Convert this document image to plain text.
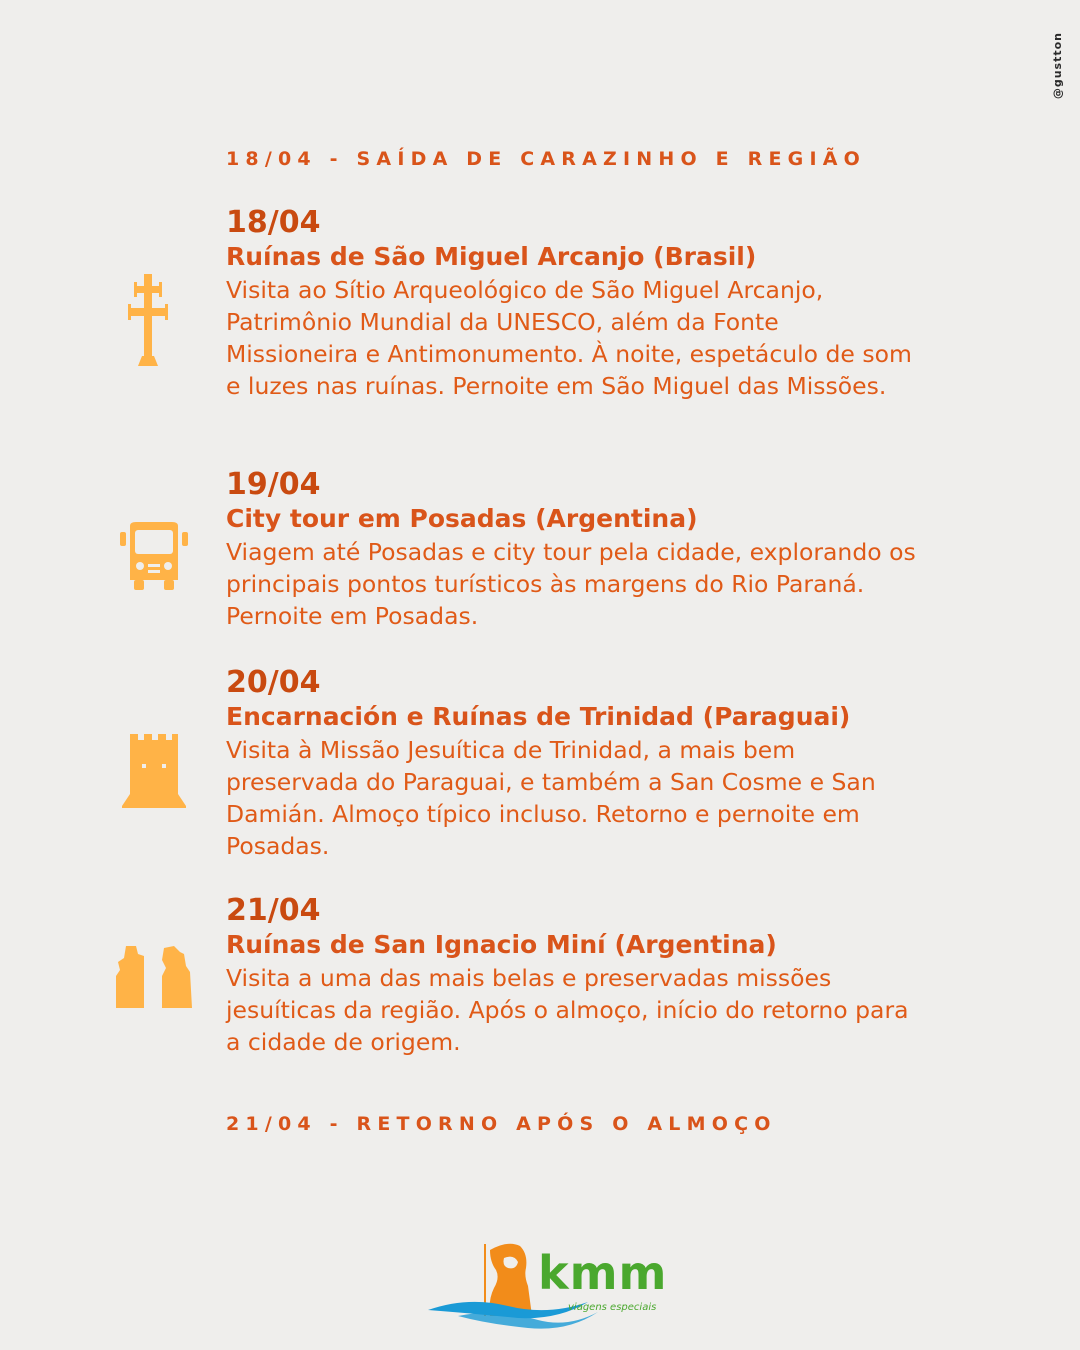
@gustton
18/04 - SAÍDA DE CARAZINHO E REGIÃO
18/04
Ruínas de São Miguel Arcanjo (Brasil)
Visita ao Sítio Arqueológico de São Miguel Arcanjo, Patrimônio Mundial da UNESCO, além da Fonte Missioneira e Antimonumento. À noite, espetáculo de som e luzes nas ruínas. Pernoite em São Miguel das Missões.
19/04
City tour em Posadas (Argentina)
Viagem até Posadas e city tour pela cidade, explorando os principais pontos turísticos às margens do Rio Paraná. Pernoite em Posadas.
20/04
Encarnación e Ruínas de Trinidad (Paraguai)
Visita à Missão Jesuítica de Trinidad, a mais bem preservada do Paraguai, e também a San Cosme e San Damián. Almoço típico incluso. Retorno e pernoite em Posadas.
21/04
Ruínas de San Ignacio Miní (Argentina)
Visita a uma das mais belas e preservadas missões jesuíticas da região. Após o almoço, início do retorno para a cidade de origem.
21/04 - RETORNO APÓS O ALMOÇO
kmm
viagens especiais
